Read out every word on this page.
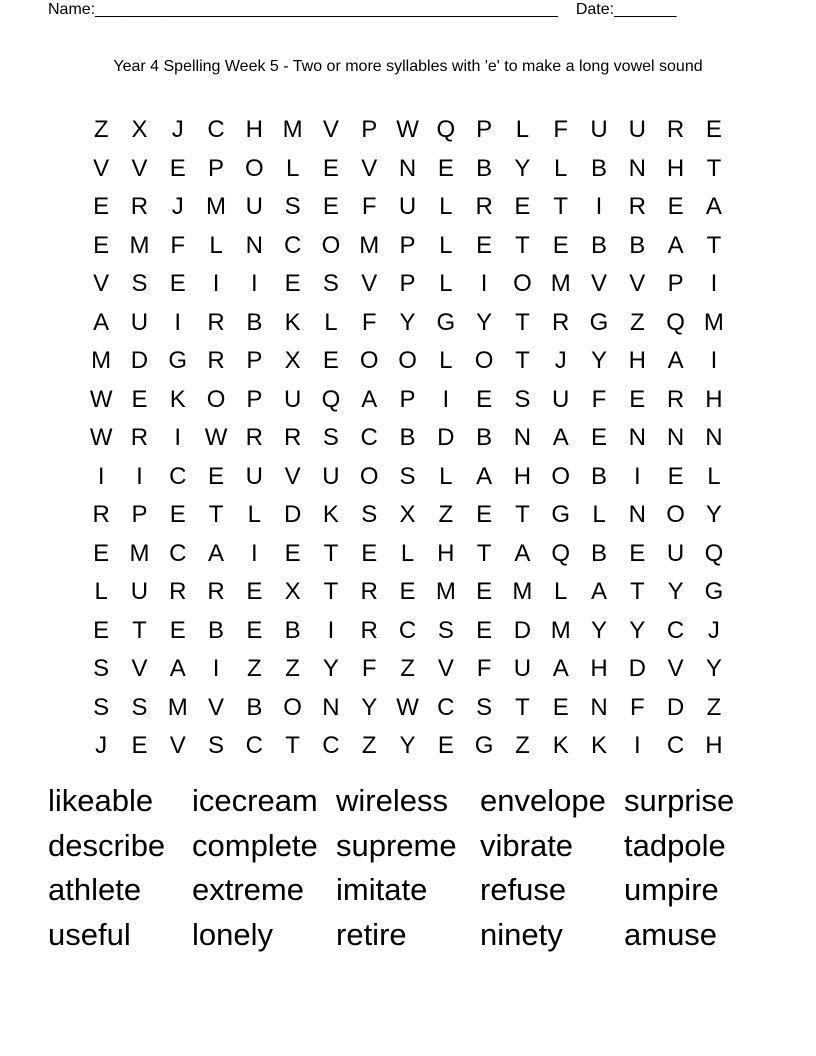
Name: ____________________________________________________ Date: _______
Year 4 Spelling Week 5 - Two or more syllables with 'e' to make a long vowel sound
Z X	J C H M V P W Q P L	F U U R E
V V E P O L E V N E B Y L B N H T
E R J M U S E F U L R E T	I	R E A
E M F	L N C O M P L E T E B B A T
V S E	I	I	E S V P L	I	O M V V P	I
A U	I	R B K L	F Y G Y T R G Z Q M
M D G R P X E O O L O T	J	Y H A	I
W E K O P U Q A P	I	E S U F E R H
W R	I W R R S C B D B N A E N N N
I	I	C E U V U O S L A H O B	I	E L
R P E T	L D K S X Z E T G L N O Y
E M C A	I	E T E L H T A Q B E U Q
L U R R E X T R E M E M L A T Y G
E T E B E B	I	R C S E D M Y Y C J
S V A	I	Z Z Y F Z V F U A H D V Y
S S M V B O N Y W C S T E N F D Z
J	E V S C T C Z Y E G Z K K	I	C H
likeable	icecream wireless	envelope surprise
describe complete supreme vibrate	tadpole
athlete	extreme	imitate	refuse	umpire
useful	lonely	retire	ninety	amuse
